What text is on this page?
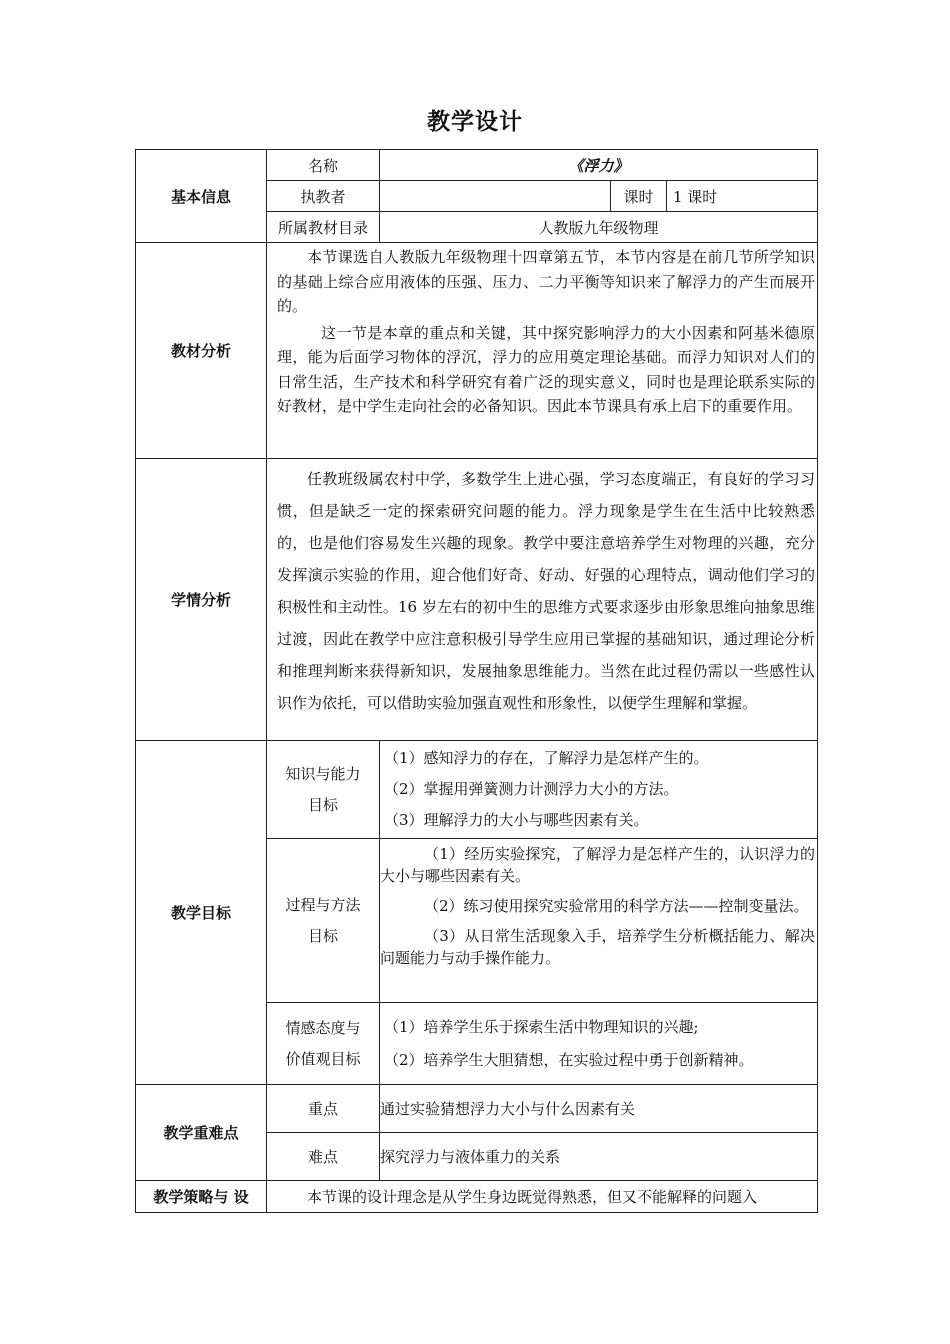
教学设计
基本信息	名称	《浮力》		
	执教者		课时	1 课时
	所属教材目录	人教版九年级物理		
教材分析	本节课选自人教版九年级物理十四章第五节，本节内容是在前几节所学知识的基础上综合应用液体的压强、压力、二力平衡等知识来了解浮力的产生而展开的。

这一节是本章的重点和关键，其中探究影响浮力的大小因素和阿基米德原理，能为后面学习物体的浮沉，浮力的应用奠定理论基础。而浮力知识对人们的日常生活，生产技术和科学研究有着广泛的现实意义，同时也是理论联系实际的好教材，是中学生走向社会的必备知识。因此本节课具有承上启下的重要作用。			

学情分析	任教班级属农村中学，多数学生上进心强，学习态度端正，有良好的学习习惯，但是缺乏一定的探索研究问题的能力。浮力现象是学生在生活中比较熟悉的，也是他们容易发生兴趣的现象。教学中要注意培养学生对物理的兴趣，充分发挥演示实验的作用，迎合他们好奇、好动、好强的心理特点，调动他们学习的积极性和主动性。16 岁左右的初中生的思维方式要求逐步由形象思维向抽象思维过渡，因此在教学中应注意积极引导学生应用已掌握的基础知识，通过理论分析和推理判断来获得新知识，发展抽象思维能力。当然在此过程仍需以一些感性认识作为依托，可以借助实验加强直观性和形象性，以便学生理解和掌握。			

教学目标	知识与能力目标	（1）感知浮力的存在，了解浮力是怎样产生的。

（2）掌握用弹簧测力计测浮力大小的方法。

（3）理解浮力的大小与哪些因素有关。		

	过程与方法目标	（1）经历实验探究，了解浮力是怎样产生的，认识浮力的大小与哪些因素有关。

（2）练习使用探究实验常用的科学方法——控制变量法。

（3）从日常生活现象入手，培养学生分析概括能力、解决问题能力与动手操作能力。		

	情感态度与价值观目标	（1）培养学生乐于探索生活中物理知识的兴趣;

（2）培养学生大胆猜想，在实验过程中勇于创新精神。		

教学重难点	重点	通过实验猜想浮力大小与什么因素有关		
	难点	探究浮力与液体重力的关系		
教学策略与 设	本节课的设计理念是从学生身边既觉得熟悉，但又不能解释的问题入			
